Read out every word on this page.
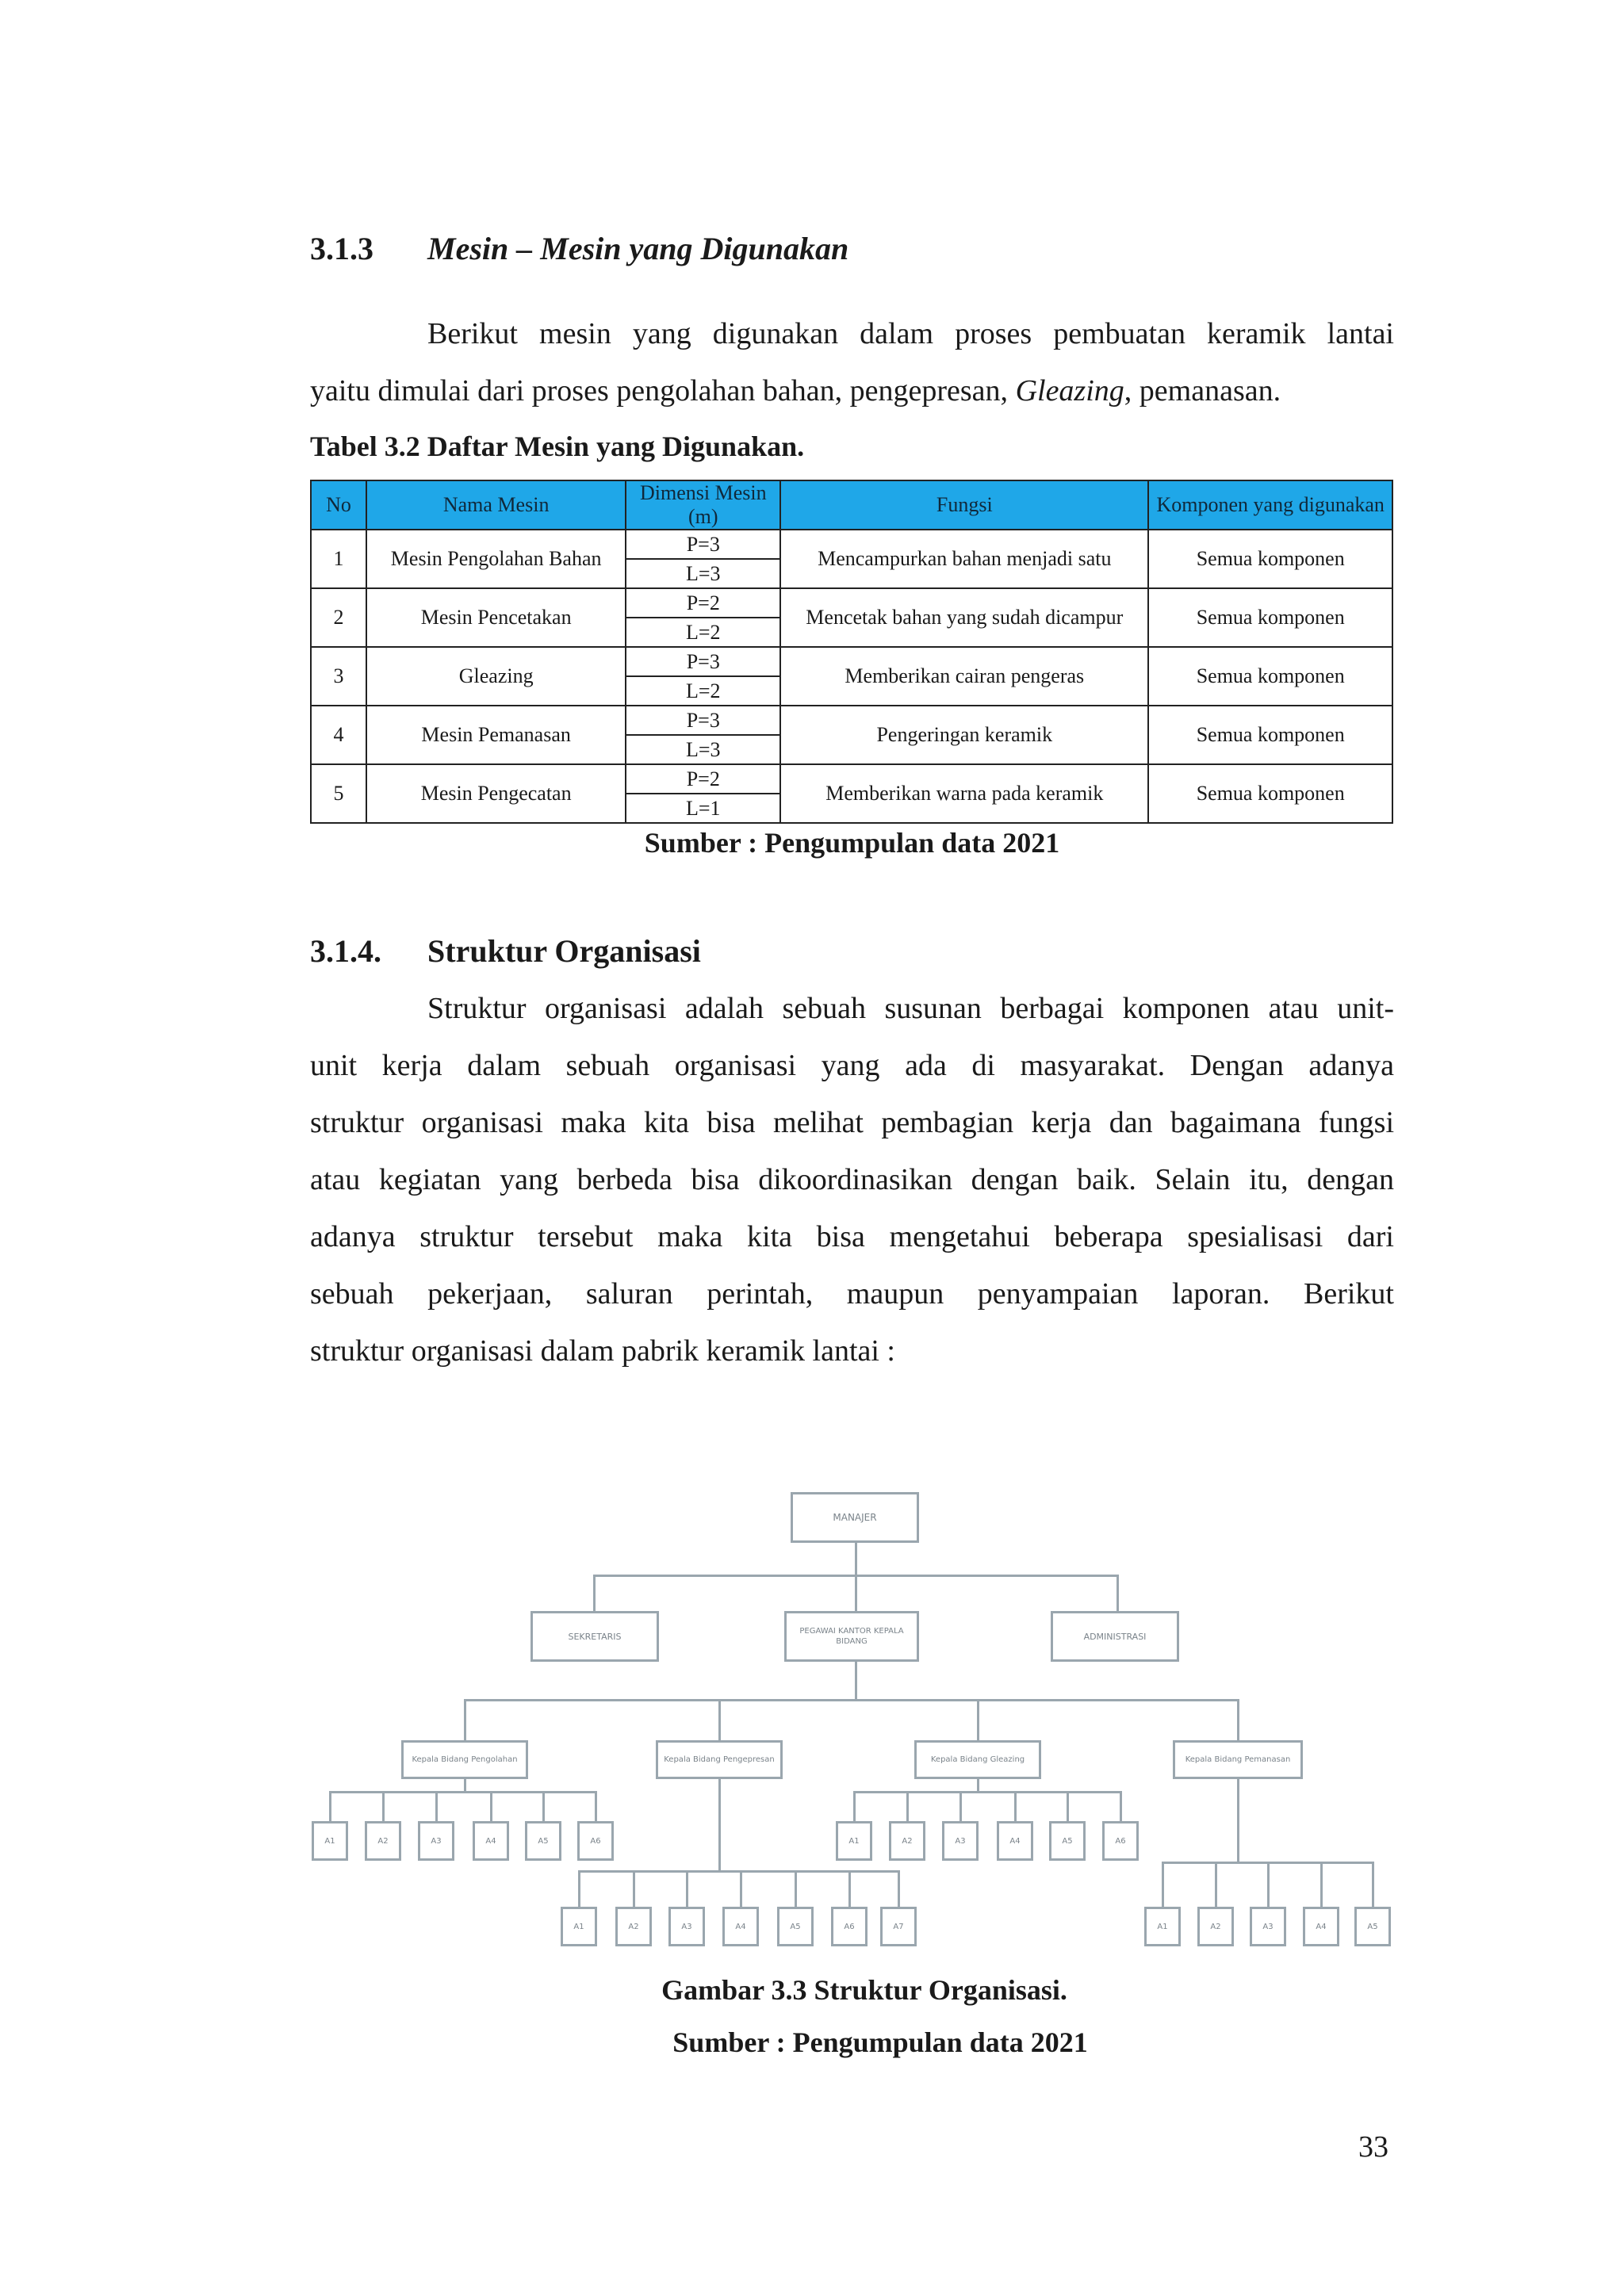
3.1.3 Mesin – Mesin yang Digunakan
Berikut mesin yang digunakan dalam proses pembuatan keramik lantai
yaitu dimulai dari proses pengolahan bahan, pengepresan, Gleazing, pemanasan.
Tabel 3.2 Daftar Mesin yang Digunakan.
No	Nama Mesin	Dimensi Mesin (m)	Fungsi	Komponen yang digunakan
1	Mesin Pengolahan Bahan	P=3	Mencampurkan bahan menjadi satu	Semua komponen
		L=3		
2	Mesin Pencetakan	P=2	Mencetak bahan yang sudah dicampur	Semua komponen
		L=2		
3	Gleazing	P=3	Memberikan cairan pengeras	Semua komponen
		L=2		
4	Mesin Pemanasan	P=3	Pengeringan keramik	Semua komponen
		L=3		
5	Mesin Pengecatan	P=2	Memberikan warna pada keramik	Semua komponen
		L=1		
Sumber : Pengumpulan data 2021
3.1.4. Struktur Organisasi
Struktur organisasi adalah sebuah susunan berbagai komponen atau unit-
unit kerja dalam sebuah organisasi yang ada di masyarakat. Dengan adanya
struktur organisasi maka kita bisa melihat pembagian kerja dan bagaimana fungsi
atau kegiatan yang berbeda bisa dikoordinasikan dengan baik. Selain itu, dengan
adanya struktur tersebut maka kita bisa mengetahui beberapa spesialisasi dari
sebuah pekerjaan, saluran perintah, maupun penyampaian laporan. Berikut
struktur organisasi dalam pabrik keramik lantai :
MANAJER
SEKRETARIS	PEGAWAI KANTOR KEPALA BIDANG	ADMINISTRASI
Kepala Bidang Pengolahan	Kepala Bidang Pengepresan	Kepala Bidang Gleazing	Kepala Bidang Pemanasan
A1	A2	A3	A4	A5	A6
A1	A2	A3	A4	A5	A6	A7
A1	A2	A3	A4	A5	A6
A1	A2	A3	A4	A5
Gambar 3.3 Struktur Organisasi.
Sumber : Pengumpulan data 2021
33
